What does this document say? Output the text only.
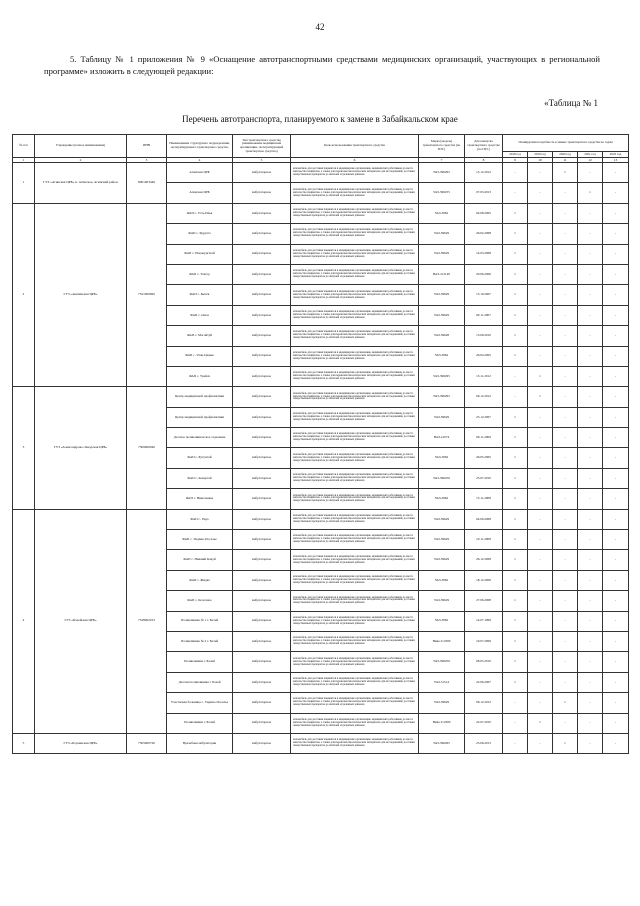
42
5. Таблицу № 1 приложения № 9 «Оснащение автотранспортными средствами медицинских организаций, участвующих в региональной программе» изложить в следующей редакции:
«Таблица № 1
Перечень автотранспорта, планируемого к замене в Забайкальском крае
№ п/п	Учреждение (полное наименование)	ИНН	Наименование структурного подразделения, эксплуатирующего транспортное средство	Тип транспортного средства (наименование медицинской организации, эксплуатирующей транспортное средство)	Цель использования транспортного средства	Марка (модель) транспортного средства (по ПТС)	Дата выпуска транспортного средства (по ПТС)	Планируемая потребность в замене транспортного средства по годам				
								2018 год	2019 год	2020 год	2021 год	2022 год
1	2	3	4	5	6	7	8	9	10	11	12	13
1	ГУЗ «Агинская ЦРБ» п. Агинское, Агинский район	8001003446	Агинская ЦРБ	амбулаторное	автомобиль для доставки пациентов в медицинские организации, медицинских работников до места жительства пациентов, а также для перевозки биологических материалов для исследований, доставки лекарственных препаратов до жителей отдаленных районов	УАЗ-396295	15.12.2012	-	-	1	-	-
			Агинская ЦРБ	амбулаторное	автомобиль для доставки пациентов в медицинские организации, медицинских работников до места жительства пациентов, а также для перевозки биологических материалов для исследований, доставки лекарственных препаратов до жителей отдаленных районов	УАЗ-396255	07.03.2013	-	-	-	1	-
2	ГУЗ «Акшинская ЦРБ»	7521000695	ФАП с. Усть-Илья	амбулаторное	автомобиль для доставки пациентов в медицинские организации, медицинских работников до места жительства пациентов, а также для перевозки биологических материалов для исследований, доставки лекарственных препаратов до жителей отдаленных районов	УАЗ-3962	04.08.2005	1	-	-	-	-
			ФАП с. Курулга	амбулаторное	автомобиль для доставки пациентов в медицинские организации, медицинских работников до места жительства пациентов, а также для перевозки биологических материалов для исследований, доставки лекарственных препаратов до жителей отдаленных районов	УАЗ-39629	26.02.2008	1	-	-	-	-
			ФАП с. Новокургатай	амбулаторное	автомобиль для доставки пациентов в медицинские организации, медицинских работников до места жительства пациентов, а также для перевозки биологических материалов для исследований, доставки лекарственных препаратов до жителей отдаленных районов	УАЗ-39629	14.03.2008	1	-	-	-	-
			ФАП с. Тохтор	амбулаторное	автомобиль для доставки пациентов в медицинские организации, медицинских работников до места жительства пациентов, а также для перевозки биологических материалов для исследований, доставки лекарственных препаратов до жителей отдаленных районов	ВАЗ-212140	20.06.2006	1	-	-	-	-
			ФАП с. Бытев	амбулаторное	автомобиль для доставки пациентов в медицинские организации, медицинских работников до места жительства пациентов, а также для перевозки биологических материалов для исследований, доставки лекарственных препаратов до жителей отдаленных районов	УАЗ-39629	15.10.2007	1	-	-	-	-
			ФАП с. Онон	амбулаторное	автомобиль для доставки пациентов в медицинские организации, медицинских работников до места жительства пациентов, а также для перевозки биологических материалов для исследований, доставки лекарственных препаратов до жителей отдаленных районов	УАЗ-39629	09.11.2007	1	-	-	-	-
			ФАП с. Могойтуй	амбулаторное	автомобиль для доставки пациентов в медицинские организации, медицинских работников до места жительства пациентов, а также для перевозки биологических материалов для исследований, доставки лекарственных препаратов до жителей отдаленных районов	УАЗ-39628	15.09.2010	1	-	-	-	-
			ФАП с. Улан-Цацык	амбулаторное	автомобиль для доставки пациентов в медицинские организации, медицинских работников до места жительства пациентов, а также для перевозки биологических материалов для исследований, доставки лекарственных препаратов до жителей отдаленных районов	УАЗ-3962	26.04.2005	1	-	-	-	-
			ФАП с. Урейск	амбулаторное	автомобиль для доставки пациентов в медицинские организации, медицинских работников до места жительства пациентов, а также для перевозки биологических материалов для исследований, доставки лекарственных препаратов до жителей отдаленных районов	УАЗ-396295	13.11.2012	-	1	-	-	-
3	ГУЗ «Александрово-Заводская ЦРБ»	7509000940	Центр медицинской профилактики	амбулаторное	автомобиль для доставки пациентов в медицинские организации, медицинских работников до места жительства пациентов, а также для перевозки биологических материалов для исследований, доставки лекарственных препаратов до жителей отдаленных районов	УАЗ-396295	06.12.2012	-	1	-	-	-
			Центр медицинской профилактики	амбулаторное	автомобиль для доставки пациентов в медицинские организации, медицинских работников до места жительства пациентов, а также для перевозки биологических материалов для исследований, доставки лекарственных препаратов до жителей отдаленных районов	УАЗ-39629	25.12.2007	1	-	-	-	-
			Детское поликлиническое отделение	амбулаторное	автомобиль для доставки пациентов в медицинские организации, медицинских работников до места жительства пациентов, а также для перевозки биологических материалов для исследований, доставки лекарственных препаратов до жителей отдаленных районов	ВАЗ-21074	06.11.2009	1	-	-	-	-
			ФАП с. Бутунтай	амбулаторное	автомобиль для доставки пациентов в медицинские организации, медицинских работников до места жительства пациентов, а также для перевозки биологических материалов для исследований, доставки лекарственных препаратов до жителей отдаленных районов	УАЗ-3962	26.05.2005	1	-	-	-	-
			ФАП с. Кокертай	амбулаторное	автомобиль для доставки пациентов в медицинские организации, медицинских работников до места жительства пациентов, а также для перевозки биологических материалов для исследований, доставки лекарственных препаратов до жителей отдаленных районов	УАЗ-396259	25.07.2010	1	-	-	-	-
			ФАП с. Николаевка	амбулаторное	автомобиль для доставки пациентов в медицинские организации, медицинских работников до места жительства пациентов, а также для перевозки биологических материалов для исследований, доставки лекарственных препаратов до жителей отдаленных районов	УАЗ-3962	15.11.2008	1	-	-	-	-
4	ГУЗ «Балейская ЦРБ»	7528002223	ФАП с. Унда	амбулаторное	автомобиль для доставки пациентов в медицинские организации, медицинских работников до места жительства пациентов, а также для перевозки биологических материалов для исследований, доставки лекарственных препаратов до жителей отдаленных районов	УАЗ-39629	04.09.2008	1	-	-	-	-
			ФАП с. Ундино-Поселье	амбулаторное	автомобиль для доставки пациентов в медицинские организации, медицинских работников до места жительства пациентов, а также для перевозки биологических материалов для исследований, доставки лекарственных препаратов до жителей отдаленных районов	УАЗ-39629	10.11.2008	1	-	-	-	-
			ФАП с. Нижний Кокуй	амбулаторное	автомобиль для доставки пациентов в медицинские организации, медицинских работников до места жительства пациентов, а также для перевозки биологических материалов для исследований, доставки лекарственных препаратов до жителей отдаленных районов	УАЗ-39629	26.12.2008	1	-	-	-	-
			ФАП с. Жидка	амбулаторное	автомобиль для доставки пациентов в медицинские организации, медицинских работников до места жительства пациентов, а также для перевозки биологических материалов для исследований, доставки лекарственных препаратов до жителей отдаленных районов	УАЗ-3962	18.12.2006	1	-	-	-	-
			ФАП с. Колочное	амбулаторное	автомобиль для доставки пациентов в медицинские организации, медицинских работников до места жительства пациентов, а также для перевозки биологических материалов для исследований, доставки лекарственных препаратов до жителей отдаленных районов	УАЗ-39629	27.06.2008	1	-	-	-	-
			Поликлиника № 1 г. Балей	амбулаторное	автомобиль для доставки пациентов в медицинские организации, медицинских работников до места жительства пациентов, а также для перевозки биологических материалов для исследований, доставки лекарственных препаратов до жителей отдаленных районов	УАЗ-3962	14.07.1999	1	-	-	-	-
			Поликлиника № 2 г. Балей	амбулаторное	автомобиль для доставки пациентов в медицинские организации, медицинских работников до места жительства пациентов, а также для перевозки биологических материалов для исследований, доставки лекарственных препаратов до жителей отдаленных районов	Нива 212300	19.07.2009	1	-	-	-	-
			Поликлиника г. Балей	амбулаторное	автомобиль для доставки пациентов в медицинские организации, медицинских работников до места жительства пациентов, а также для перевозки биологических материалов для исследований, доставки лекарственных препаратов до жителей отдаленных районов	УАЗ-396259	08.05.2010	1	-	-	-	-
			Детская поликлиника г. Балей	амбулаторное	автомобиль для доставки пациентов в медицинские организации, медицинских работников до места жительства пациентов, а также для перевозки биологических материалов для исследований, доставки лекарственных препаратов до жителей отдаленных районов	УАЗ-31514	22.06.2007	1	-	-	-	-
			Участковая больница с. Ундино-Поселье	амбулаторное	автомобиль для доставки пациентов в медицинские организации, медицинских работников до места жительства пациентов, а также для перевозки биологических материалов для исследований, доставки лекарственных препаратов до жителей отдаленных районов	УАЗ-39629	06.12.2012	-	-	1	-	-
			Поликлиника г. Балей	амбулаторное	автомобиль для доставки пациентов в медицинские организации, медицинских работников до места жительства пациентов, а также для перевозки биологических материалов для исследований, доставки лекарственных препаратов до жителей отдаленных районов	Нива 212300	22.07.2010	-	1	-	-	-
5	ГУЗ «Борзинская ЦРБ»	7505000720	Врачебная амбулатория	амбулаторное	автомобиль для доставки пациентов в медицинские организации, медицинских работников до места жительства пациентов, а также для перевозки биологических материалов для исследований, доставки лекарственных препаратов до жителей отдаленных районов	УАЗ-396295	25.06.2013	-	-	1	-	-
